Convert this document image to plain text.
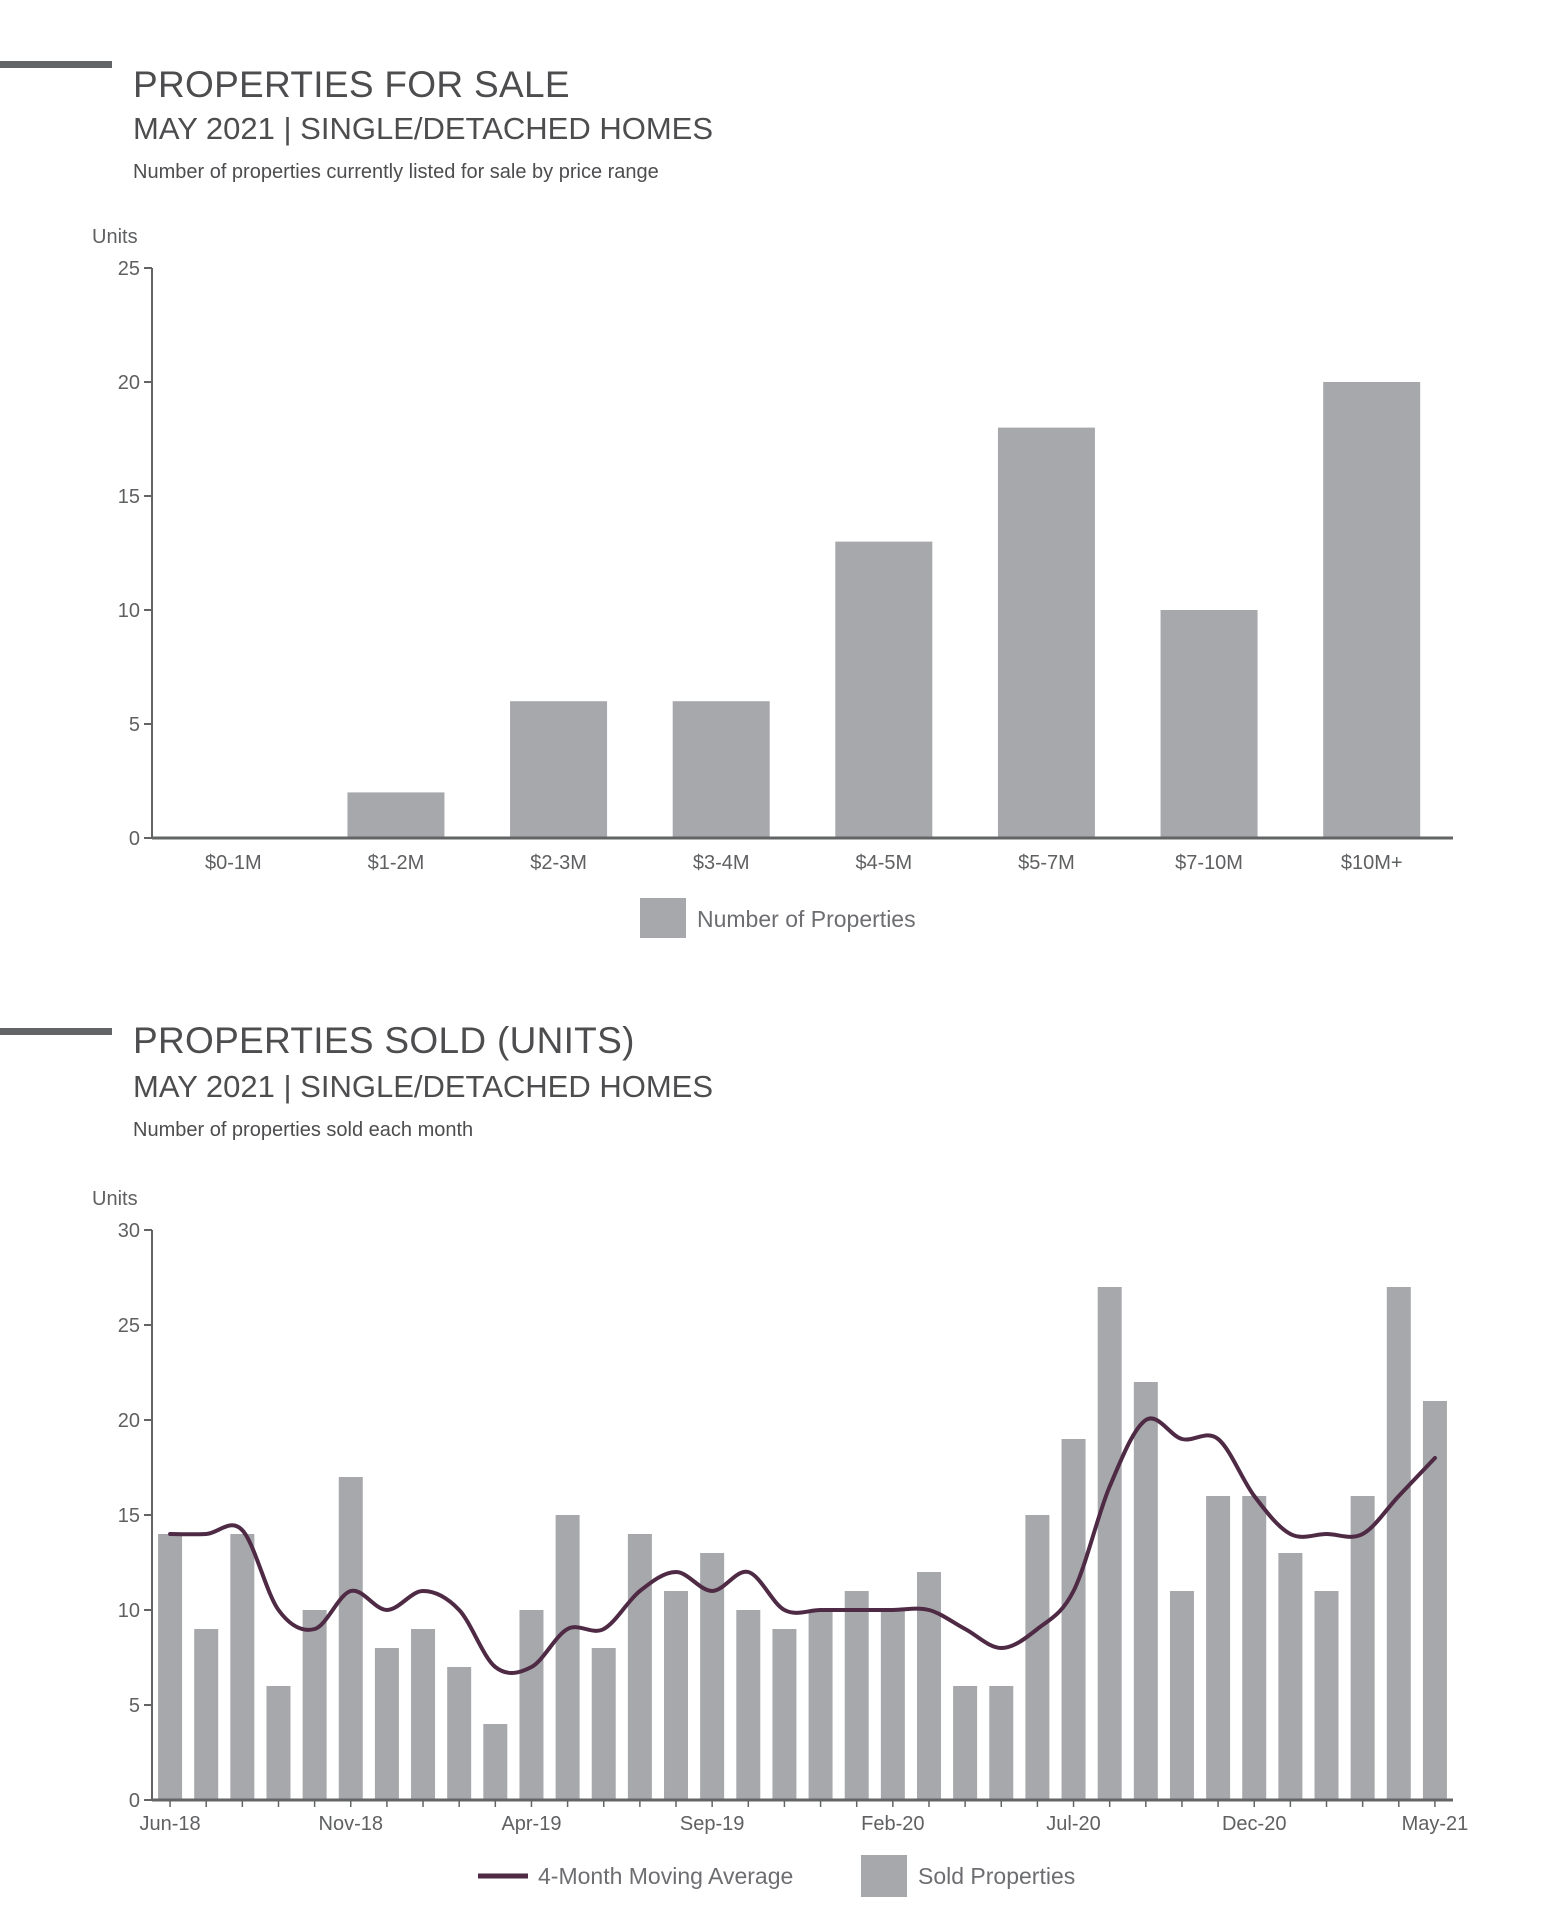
PROPERTIES FOR SALE
MAY 2021 | SINGLE/DETACHED HOMES
Number of properties currently listed for sale by price range
Units
0
5
10
15
20
25
$0-1M	$1-2M	$2-3M	$3-4M	$4-5M	$5-7M	$7-10M	$10M+
Number of Properties
PROPERTIES SOLD (UNITS)
MAY 2021 | SINGLE/DETACHED HOMES
Number of properties sold each month
Units
0
5
10
15
20
25
30
Jun-18	Nov-18	Apr-19	Sep-19	Feb-20	Jul-20	Dec-20	May-21
4-Month Moving Average	Sold Properties
